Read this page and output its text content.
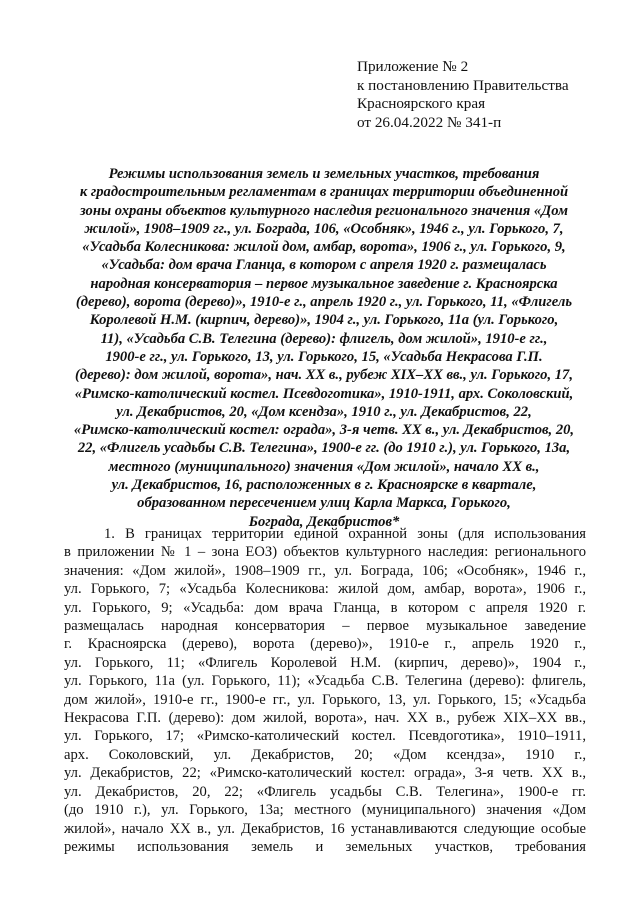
Приложение № 2
к постановлению Правительства
Красноярского края
от 26.04.2022 № 341-п
Режимы использования земель и земельных участков, требования
к градостроительным регламентам в границах территории объединенной
зоны охраны объектов культурного наследия регионального значения «Дом
жилой», 1908–1909 гг., ул. Бограда, 106, «Особняк», 1946 г., ул. Горького, 7,
«Усадьба Колесникова: жилой дом, амбар, ворота», 1906 г., ул. Горького, 9,
«Усадьба: дом врача Гланца, в котором с апреля 1920 г. размещалась
народная консерватория – первое музыкальное заведение г. Красноярска
(дерево), ворота (дерево)», 1910-е г., апрель 1920 г., ул. Горького, 11, «Флигель
Королевой Н.М. (кирпич, дерево)», 1904 г., ул. Горького, 11а (ул. Горького,
11), «Усадьба С.В. Телегина (дерево): флигель, дом жилой», 1910-е гг.,
1900-е гг., ул. Горького, 13, ул. Горького, 15, «Усадьба Некрасова Г.П.
(дерево): дом жилой, ворота», нач. XX в., рубеж XIX–XX вв., ул. Горького, 17,
«Римско-католический костел. Псевдоготика», 1910-1911, арх. Соколовский,
ул. Декабристов, 20, «Дом ксендза», 1910 г., ул. Декабристов, 22,
«Римско-католический костел: ограда», 3-я четв. XX в., ул. Декабристов, 20,
22, «Флигель усадьбы С.В. Телегина», 1900-е гг. (до 1910 г.), ул. Горького, 13а,
местного (муниципального) значения «Дом жилой», начало XX в.,
ул. Декабристов, 16, расположенных в г. Красноярске в квартале,
образованном пересечением улиц Карла Маркса, Горького,
Бограда, Декабристов*
1. В границах территории единой охранной зоны (для использования
в приложении № 1 – зона ЕОЗ) объектов культурного наследия: регионального
значения: «Дом жилой», 1908–1909 гг., ул. Бограда, 106; «Особняк», 1946 г.,
ул. Горького, 7; «Усадьба Колесникова: жилой дом, амбар, ворота», 1906 г.,
ул. Горького, 9; «Усадьба: дом врача Гланца, в котором с апреля 1920 г.
размещалась народная консерватория – первое музыкальное заведение
г. Красноярска (дерево), ворота (дерево)», 1910-е г., апрель 1920 г.,
ул. Горького, 11; «Флигель Королевой Н.М. (кирпич, дерево)», 1904 г.,
ул. Горького, 11а (ул. Горького, 11); «Усадьба С.В. Телегина (дерево): флигель,
дом жилой», 1910-е гг., 1900-е гг., ул. Горького, 13, ул. Горького, 15; «Усадьба
Некрасова Г.П. (дерево): дом жилой, ворота», нач. XX в., рубеж XIX–XX вв.,
ул. Горького, 17; «Римско-католический костел. Псевдоготика», 1910–1911,
арх. Соколовский, ул. Декабристов, 20; «Дом ксендза», 1910 г.,
ул. Декабристов, 22; «Римско-католический костел: ограда», 3-я четв. XX в.,
ул. Декабристов, 20, 22; «Флигель усадьбы С.В. Телегина», 1900-е гг.
(до 1910 г.), ул. Горького, 13а; местного (муниципального) значения «Дом
жилой», начало XX в., ул. Декабристов, 16 устанавливаются следующие особые
режимы использования земель и земельных участков, требования
